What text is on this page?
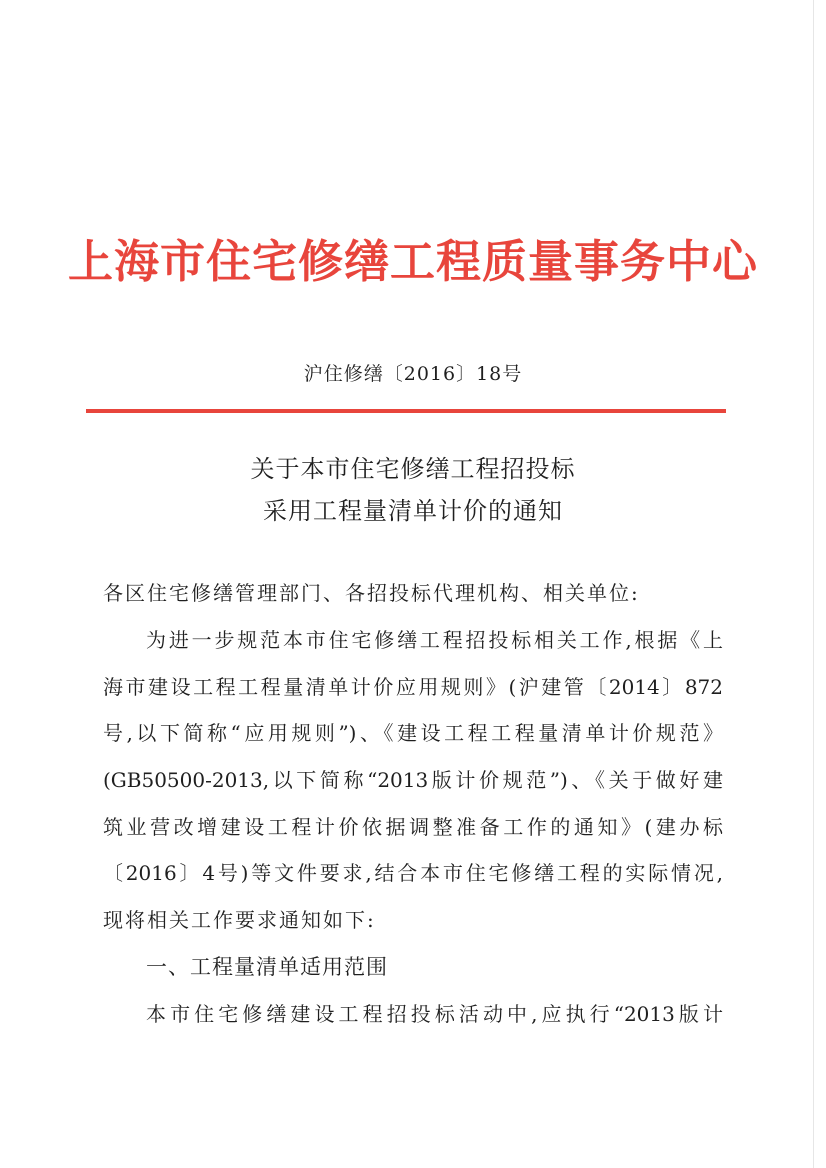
上海市住宅修缮工程质量事务中心
沪住修缮〔2016〕18号
关于本市住宅修缮工程招投标
采用工程量清单计价的通知
各区住宅修缮管理部门、各招投标代理机构、相关单位:
为进一步规范本市住宅修缮工程招投标相关工作,根据《上
海市建设工程工程量清单计价应用规则》(沪建管〔2014〕872
号,以下简称“应用规则”)、《建设工程工程量清单计价规范》
(GB50500-2013,以下简称“2013版计价规范”)、《关于做好建
筑业营改增建设工程计价依据调整准备工作的通知》(建办标
〔2016〕4号)等文件要求,结合本市住宅修缮工程的实际情况,
现将相关工作要求通知如下:
一、工程量清单适用范围
本市住宅修缮建设工程招投标活动中,应执行“2013版计
